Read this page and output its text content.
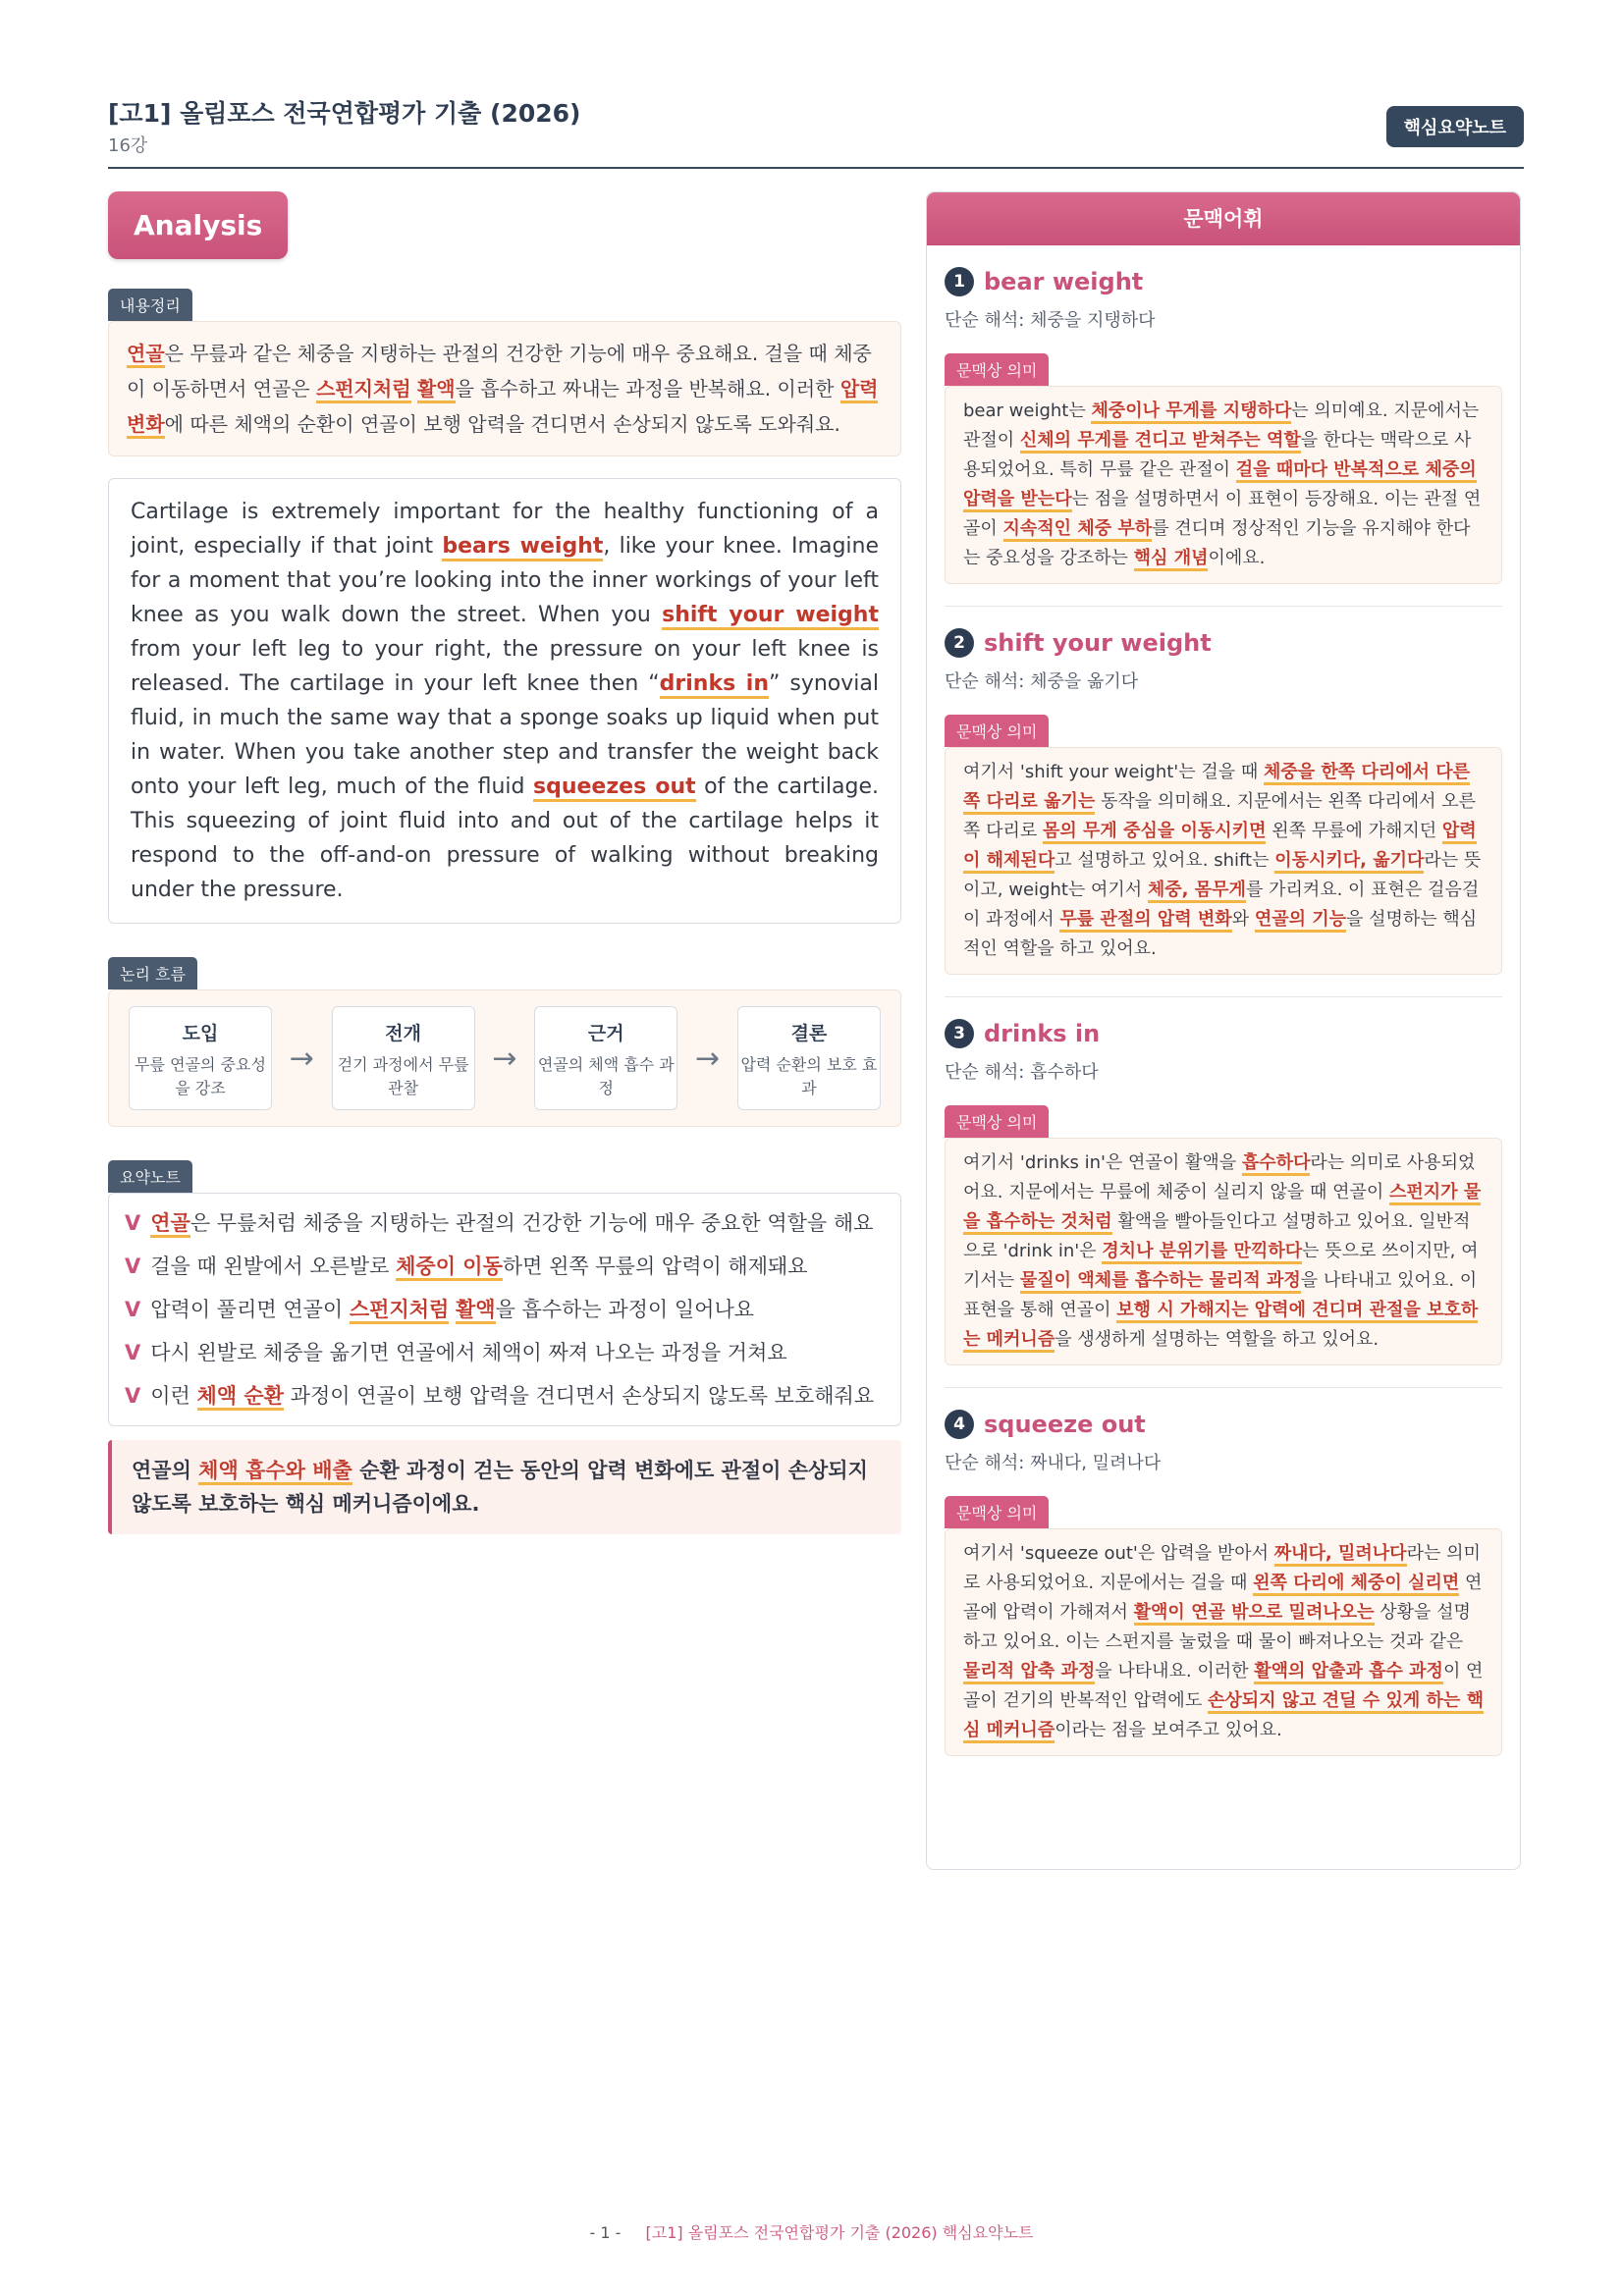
[고1] 올림포스 전국연합평가 기출 (2026)
16강
핵심요약노트
Analysis
내용정리
연골은 무릎과 같은 체중을 지탱하는 관절의 건강한 기능에 매우 중요해요. 걸을 때 체중이 이동하면서 연골은 스펀지처럼 활액을 흡수하고 짜내는 과정을 반복해요. 이러한 압력 변화에 따른 체액의 순환이 연골이 보행 압력을 견디면서 손상되지 않도록 도와줘요.
Cartilage is extremely important for the healthy functioning of a joint, especially if that joint bears weight, like your knee. Imagine for a moment that you’re looking into the inner workings of your left knee as you walk down the street. When you shift your weight from your left leg to your right, the pressure on your left knee is released. The cartilage in your left knee then “drinks in” synovial fluid, in much the same way that a sponge soaks up liquid when put in water. When you take another step and transfer the weight back onto your left leg, much of the fluid squeezes out of the cartilage. This squeezing of joint fluid into and out of the cartilage helps it respond to the off-and-on pressure of walking without breaking under the pressure.
논리 흐름
도입
무릎 연골의 중요성을 강조
→
전개
걷기 과정에서 무릎 관찰
→
근거
연골의 체액 흡수 과정
→
결론
압력 순환의 보호 효과
요약노트
V 연골은 무릎처럼 체중을 지탱하는 관절의 건강한 기능에 매우 중요한 역할을 해요
V 걸을 때 왼발에서 오른발로 체중이 이동하면 왼쪽 무릎의 압력이 해제돼요
V 압력이 풀리면 연골이 스펀지처럼 활액을 흡수하는 과정이 일어나요
V 다시 왼발로 체중을 옮기면 연골에서 체액이 짜져 나오는 과정을 거쳐요
V 이런 체액 순환 과정이 연골이 보행 압력을 견디면서 손상되지 않도록 보호해줘요
연골의 체액 흡수와 배출 순환 과정이 걷는 동안의 압력 변화에도 관절이 손상되지 않도록 보호하는 핵심 메커니즘이에요.
문맥어휘
1 bear weight
단순 해석: 체중을 지탱하다
문맥상 의미
bear weight는 체중이나 무게를 지탱하다는 의미예요. 지문에서는 관절이 신체의 무게를 견디고 받쳐주는 역할을 한다는 맥락으로 사용되었어요. 특히 무릎 같은 관절이 걸을 때마다 반복적으로 체중의 압력을 받는다는 점을 설명하면서 이 표현이 등장해요. 이는 관절 연골이 지속적인 체중 부하를 견디며 정상적인 기능을 유지해야 한다는 중요성을 강조하는 핵심 개념이에요.
2 shift your weight
단순 해석: 체중을 옮기다
문맥상 의미
여기서 'shift your weight'는 걸을 때 체중을 한쪽 다리에서 다른 쪽 다리로 옮기는 동작을 의미해요. 지문에서는 왼쪽 다리에서 오른쪽 다리로 몸의 무게 중심을 이동시키면 왼쪽 무릎에 가해지던 압력이 해제된다고 설명하고 있어요. shift는 이동시키다, 옮기다라는 뜻이고, weight는 여기서 체중, 몸무게를 가리켜요. 이 표현은 걸음걸이 과정에서 무릎 관절의 압력 변화와 연골의 기능을 설명하는 핵심적인 역할을 하고 있어요.
3 drinks in
단순 해석: 흡수하다
문맥상 의미
여기서 'drinks in'은 연골이 활액을 흡수하다라는 의미로 사용되었어요. 지문에서는 무릎에 체중이 실리지 않을 때 연골이 스펀지가 물을 흡수하는 것처럼 활액을 빨아들인다고 설명하고 있어요. 일반적으로 'drink in'은 경치나 분위기를 만끽하다는 뜻으로 쓰이지만, 여기서는 물질이 액체를 흡수하는 물리적 과정을 나타내고 있어요. 이 표현을 통해 연골이 보행 시 가해지는 압력에 견디며 관절을 보호하는 메커니즘을 생생하게 설명하는 역할을 하고 있어요.
4 squeeze out
단순 해석: 짜내다, 밀려나다
문맥상 의미
여기서 'squeeze out'은 압력을 받아서 짜내다, 밀려나다라는 의미로 사용되었어요. 지문에서는 걸을 때 왼쪽 다리에 체중이 실리면 연골에 압력이 가해져서 활액이 연골 밖으로 밀려나오는 상황을 설명하고 있어요. 이는 스펀지를 눌렀을 때 물이 빠져나오는 것과 같은 물리적 압축 과정을 나타내요. 이러한 활액의 압출과 흡수 과정이 연골이 걷기의 반복적인 압력에도 손상되지 않고 견딜 수 있게 하는 핵심 메커니즘이라는 점을 보여주고 있어요.
- 1 - [고1] 올림포스 전국연합평가 기출 (2026) 핵심요약노트
